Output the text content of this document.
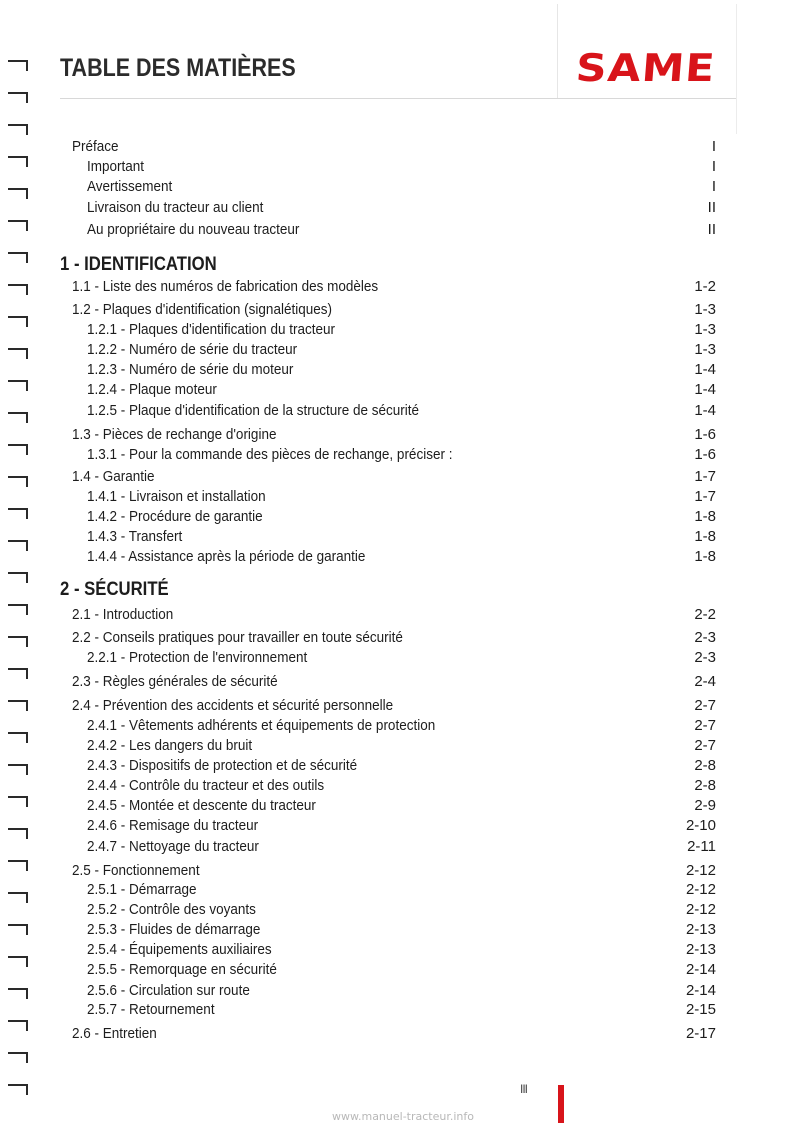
TABLE DES MATIÈRES	SAME
Préface	I
Important	I
Avertissement	I
Livraison du tracteur au client	II
Au propriétaire du nouveau tracteur	II
1 - IDENTIFICATION
1.1 - Liste des numéros de fabrication des modèles	1-2
1.2 - Plaques d'identification (signalétiques)	1-3
1.2.1 - Plaques d'identification du tracteur	1-3
1.2.2 - Numéro de série du tracteur	1-3
1.2.3 - Numéro de série du moteur	1-4
1.2.4 - Plaque moteur	1-4
1.2.5 - Plaque d'identification de la structure de sécurité	1-4
1.3 - Pièces de rechange d'origine	1-6
1.3.1 - Pour la commande des pièces de rechange, préciser :	1-6
1.4 - Garantie	1-7
1.4.1 - Livraison et installation	1-7
1.4.2 - Procédure de garantie	1-8
1.4.3 - Transfert	1-8
1.4.4 - Assistance après la période de garantie	1-8
2 - SÉCURITÉ
2.1 - Introduction	2-2
2.2 - Conseils pratiques pour travailler en toute sécurité	2-3
2.2.1 - Protection de l'environnement	2-3
2.3 - Règles générales de sécurité	2-4
2.4 - Prévention des accidents et sécurité personnelle	2-7
2.4.1 - Vêtements adhérents et équipements de protection	2-7
2.4.2 - Les dangers du bruit	2-7
2.4.3 - Dispositifs de protection et de sécurité	2-8
2.4.4 - Contrôle du tracteur et des outils	2-8
2.4.5 - Montée et descente du tracteur	2-9
2.4.6 - Remisage du tracteur	2-10
2.4.7 - Nettoyage du tracteur	2-11
2.5 - Fonctionnement	2-12
2.5.1 - Démarrage	2-12
2.5.2 - Contrôle des voyants	2-12
2.5.3 - Fluides de démarrage	2-13
2.5.4 - Équipements auxiliaires	2-13
2.5.5 - Remorquage en sécurité	2-14
2.5.6 - Circulation sur route	2-14
2.5.7 - Retournement	2-15
2.6 - Entretien	2-17
III
www.manuel-tracteur.info
